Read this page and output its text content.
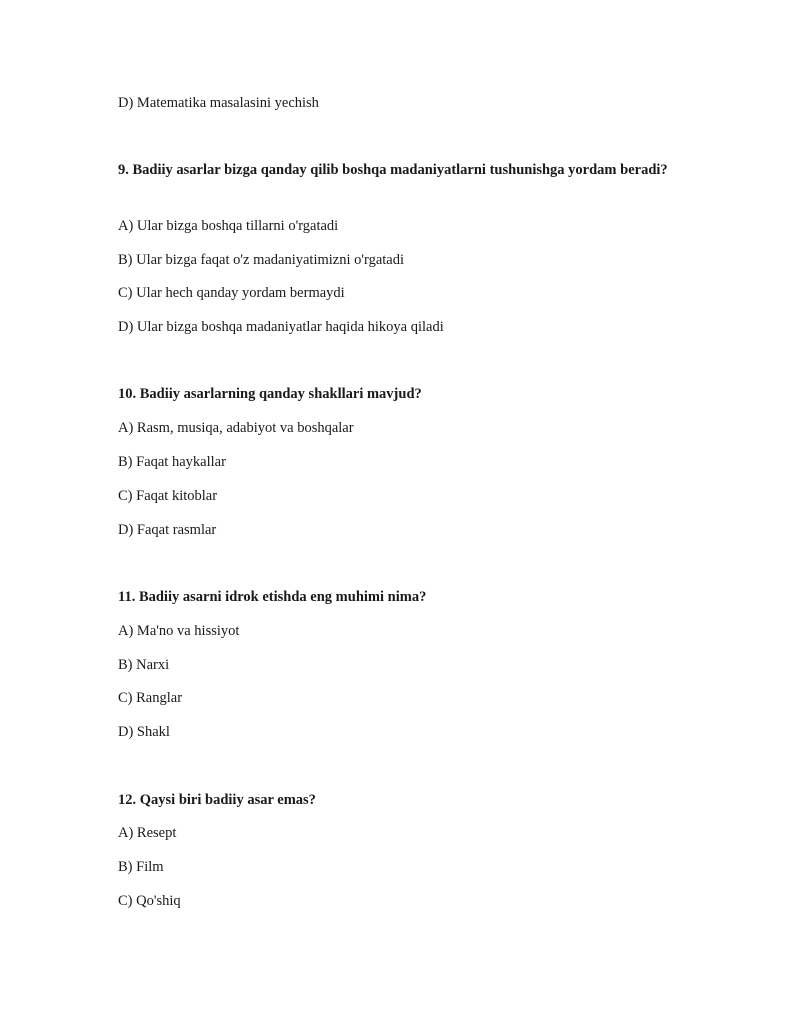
D) Matematika masalasini yechish
9. Badiiy asarlar bizga qanday qilib boshqa madaniyatlarni tushunishga yordam beradi?
A) Ular bizga boshqa tillarni o'rgatadi
B) Ular bizga faqat o'z madaniyatimizni o'rgatadi
C) Ular hech qanday yordam bermaydi
D) Ular bizga boshqa madaniyatlar haqida hikoya qiladi
10. Badiiy asarlarning qanday shakllari mavjud?
A) Rasm, musiqa, adabiyot va boshqalar
B) Faqat haykallar
C) Faqat kitoblar
D) Faqat rasmlar
11. Badiiy asarni idrok etishda eng muhimi nima?
A) Ma'no va hissiyot
B) Narxi
C) Ranglar
D) Shakl
12. Qaysi biri badiiy asar emas?
A) Resept
B) Film
C) Qo'shiq
